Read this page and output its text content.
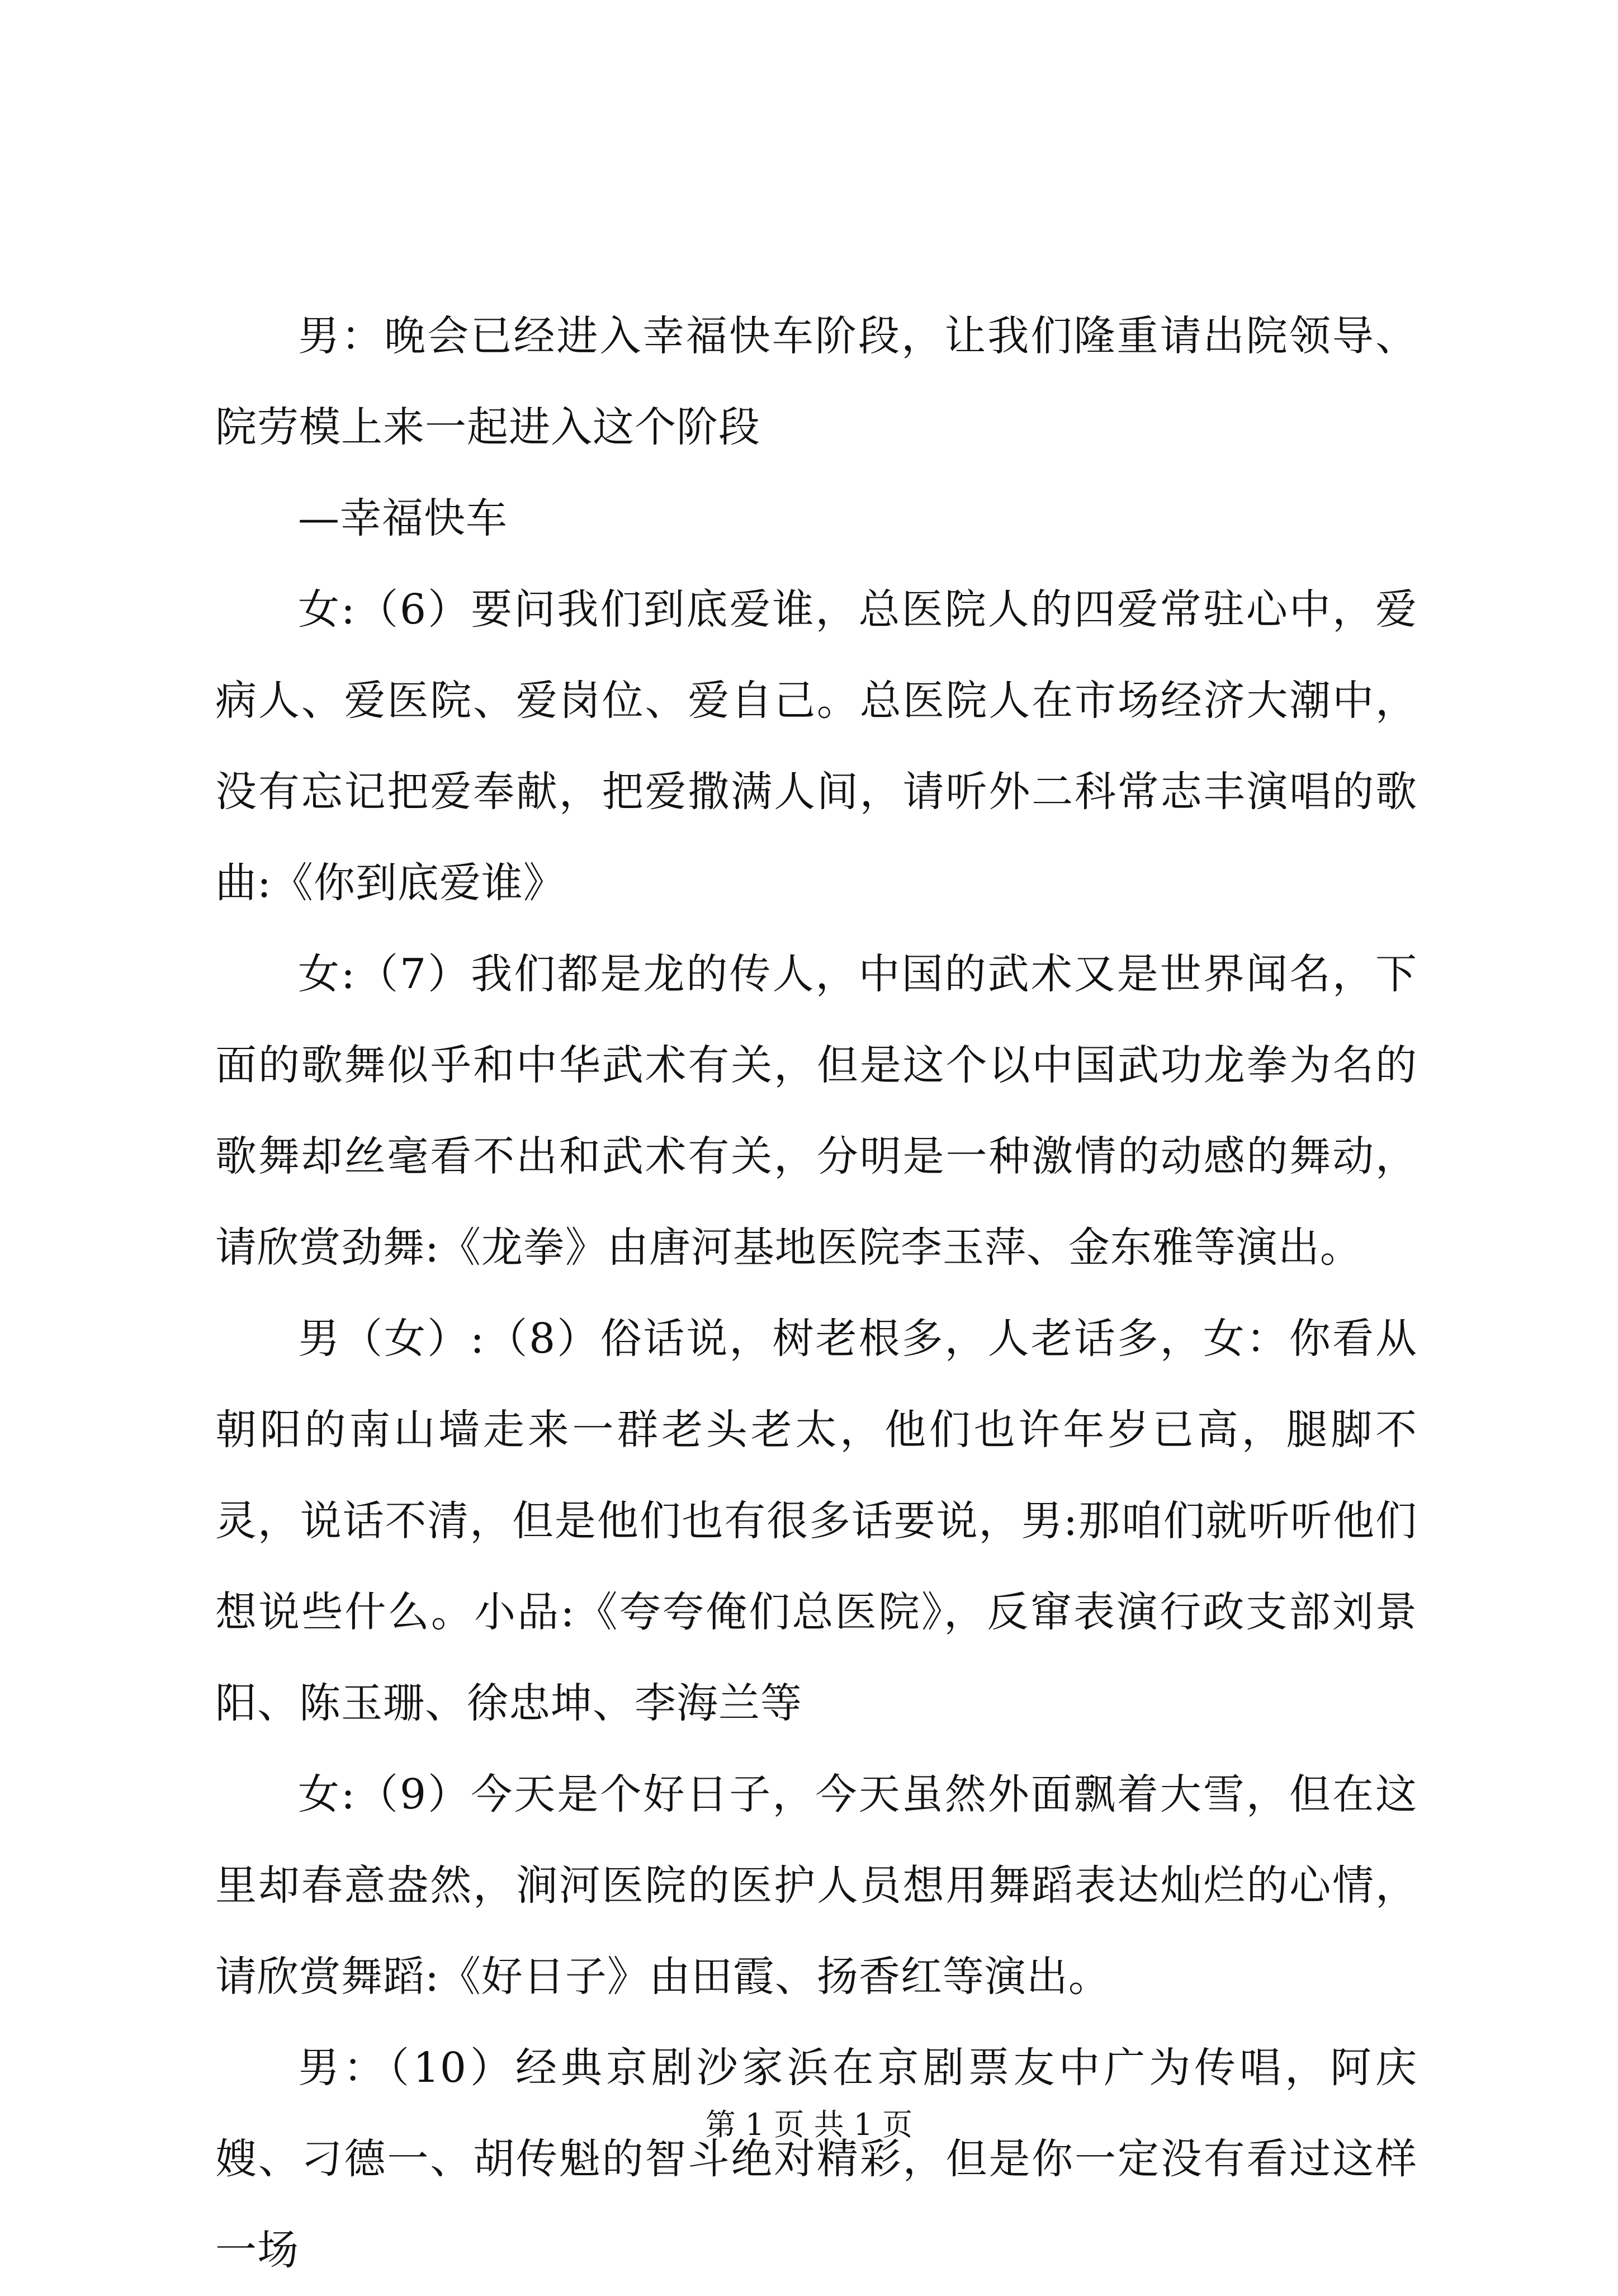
男：晚会已经进入幸福快车阶段，让我们隆重请出院领导、院劳模上来一起进入这个阶段

—幸福快车

女:（6）要问我们到底爱谁，总医院人的四爱常驻心中，爱病人、爱医院、爱岗位、爱自己。总医院人在市场经济大潮中，没有忘记把爱奉献，把爱撒满人间，请听外二科常志丰演唱的歌曲:《你到底爱谁》

女:（7）我们都是龙的传人，中国的武术又是世界闻名，下面的歌舞似乎和中华武术有关，但是这个以中国武功龙拳为名的歌舞却丝毫看不出和武术有关，分明是一种激情的动感的舞动，请欣赏劲舞:《龙拳》由唐河基地医院李玉萍、金东雅等演出。

男（女）:（8）俗话说，树老根多，人老话多，女：你看从朝阳的南山墙走来一群老头老太，他们也许年岁已高，腿脚不灵，说话不清，但是他们也有很多话要说，男:那咱们就听听他们想说些什么。小品:《夸夸俺们总医院》，反窜表演行政支部刘景阳、陈玉珊、徐忠坤、李海兰等

女:（9）今天是个好日子，今天虽然外面飘着大雪，但在这里却春意盎然，涧河医院的医护人员想用舞蹈表达灿烂的心情，请欣赏舞蹈:《好日子》由田霞、扬香红等演出。

男：（10）经典京剧沙家浜在京剧票友中广为传唱，阿庆嫂、刁德一、胡传魁的智斗绝对精彩，但是你一定没有看过这样一场

第 1 页 共 1 页
